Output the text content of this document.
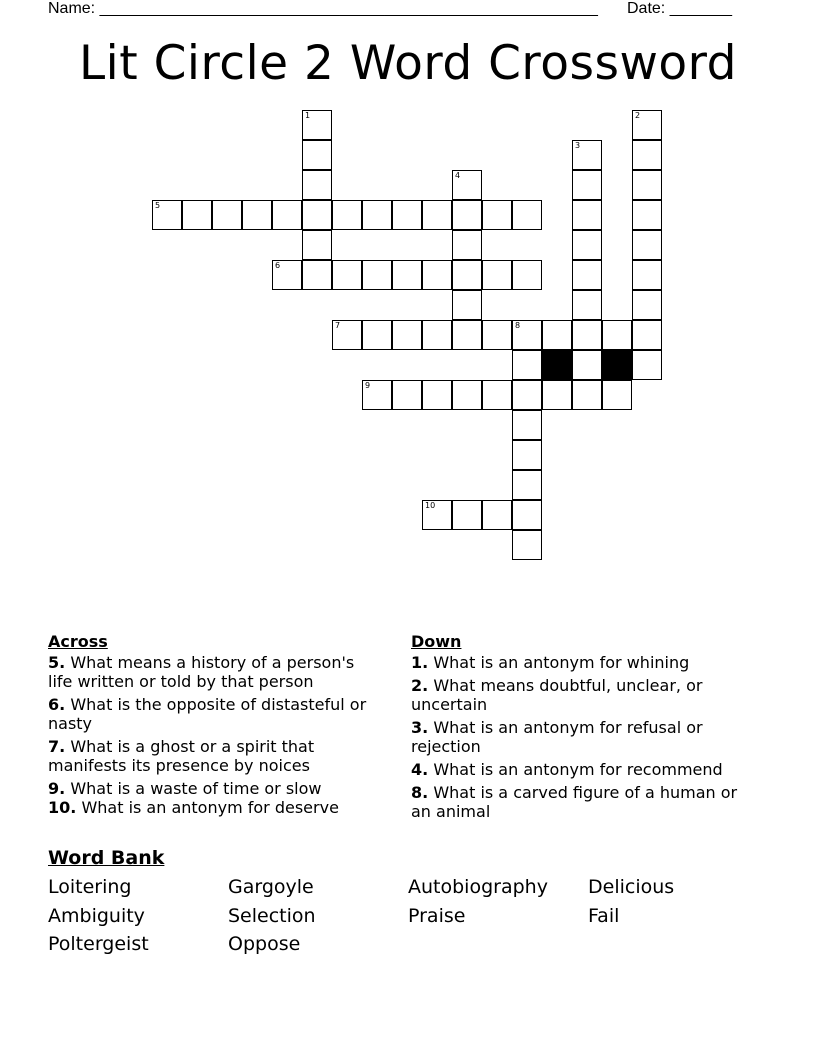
Name: ________________________________________________________ Date: _______
Lit Circle 2 Word Crossword
5
6
7	8
9
10
1	2
3
4
Across
5. What means a history of a person's life written or told by that person
6. What is the opposite of distasteful or nasty
7. What is a ghost or a spirit that manifests its presence by noices
9. What is a waste of time or slow
10. What is an antonym for deserve
Down
1. What is an antonym for whining
2. What means doubtful, unclear, or uncertain
3. What is an antonym for refusal or rejection
4. What is an antonym for recommend
8. What is a carved figure of a human or an animal
Word Bank
Loitering	Gargoyle	Autobiography Delicious
Ambiguity	Selection	Praise	Fail
Poltergeist	Oppose
